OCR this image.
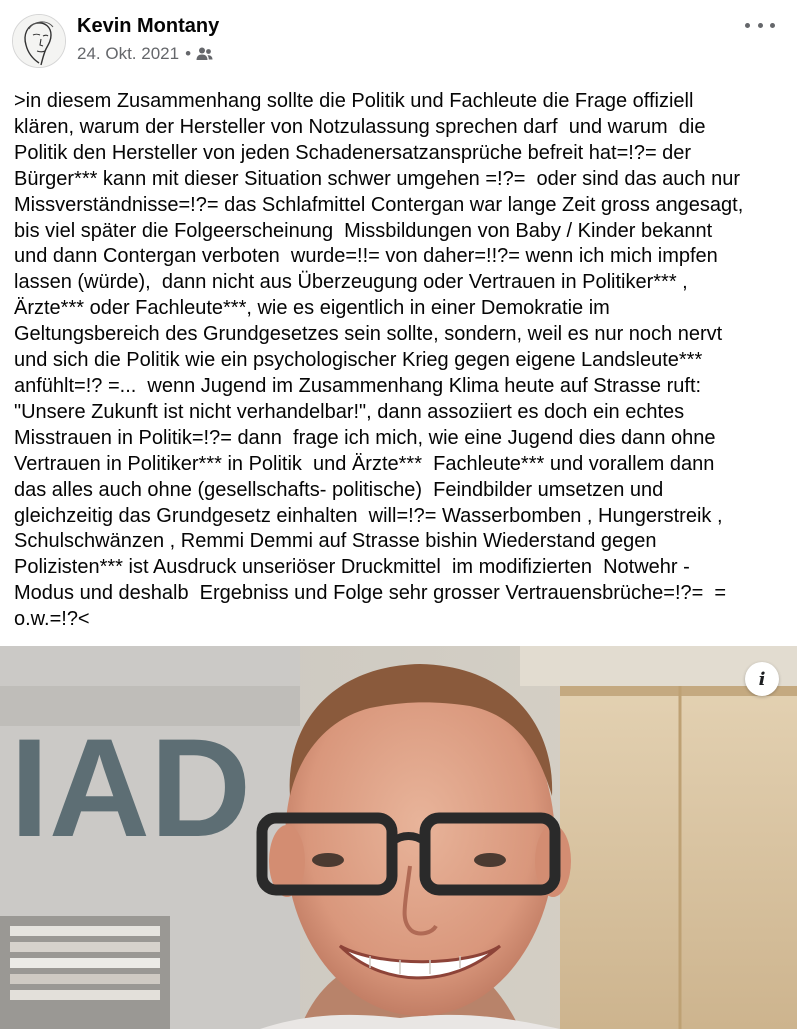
Kevin Montany
24. Okt. 2021 •
>in diesem Zusammenhang sollte die Politik und Fachleute die Frage offiziell
klären, warum der Hersteller von Notzulassung sprechen darf  und warum  die
Politik den Hersteller von jeden Schadenersatzansprüche befreit hat=!?= der
Bürger*** kann mit dieser Situation schwer umgehen =!?=  oder sind das auch nur
Missverständnisse=!?= das Schlafmittel Contergan war lange Zeit gross angesagt,
bis viel später die Folgeerscheinung  Missbildungen von Baby / Kinder bekannt
und dann Contergan verboten  wurde=!!= von daher=!!?= wenn ich mich impfen
lassen (würde),  dann nicht aus Überzeugung oder Vertrauen in Politiker*** ,
Ärzte*** oder Fachleute***, wie es eigentlich in einer Demokratie im
Geltungsbereich des Grundgesetzes sein sollte, sondern, weil es nur noch nervt
und sich die Politik wie ein psychologischer Krieg gegen eigene Landsleute***
anfühlt=!? =...  wenn Jugend im Zusammenhang Klima heute auf Strasse ruft:
"Unsere Zukunft ist nicht verhandelbar!", dann assoziiert es doch ein echtes
Misstrauen in Politik=!?= dann  frage ich mich, wie eine Jugend dies dann ohne
Vertrauen in Politiker*** in Politik  und Ärzte***  Fachleute*** und vorallem dann
das alles auch ohne (gesellschafts- politische)  Feindbilder umsetzen und
gleichzeitig das Grundgesetz einhalten  will=!?= Wasserbomben , Hungerstreik ,
Schulschwänzen , Remmi Demmi auf Strasse bishin Wiederstand gegen
Polizisten*** ist Ausdruck unseriöser Druckmittel  im modifizierten  Notwehr -
Modus und deshalb  Ergebniss und Folge sehr grosser Vertrauensbrüche=!?=  =
o.w.=!?<
IAD
i
